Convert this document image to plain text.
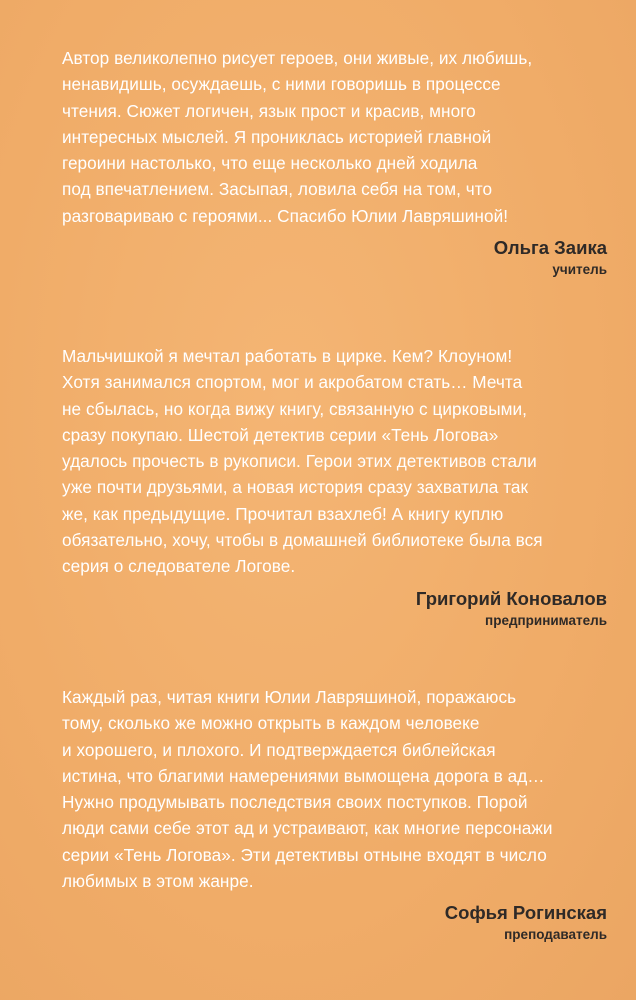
Автор великолепно рисует героев, они живые, их любишь,
ненавидишь, осуждаешь, с ними говоришь в процессе
чтения. Сюжет логичен, язык прост и красив, много
интересных мыслей. Я прониклась историей главной
героини настолько, что еще несколько дней ходила
под впечатлением. Засыпая, ловила себя на том, что
разговариваю с героями... Спасибо Юлии Лавряшиной!
Ольга Заика
учитель
Мальчишкой я мечтал работать в цирке. Кем? Клоуном!
Хотя занимался спортом, мог и акробатом стать… Мечта
не сбылась, но когда вижу книгу, связанную с цирковыми,
сразу покупаю. Шестой детектив серии «Тень Логова»
удалось прочесть в рукописи. Герои этих детективов стали
уже почти друзьями, а новая история сразу захватила так
же, как предыдущие. Прочитал взахлеб! А книгу куплю
обязательно, хочу, чтобы в домашней библиотеке была вся
серия о следователе Логове.
Григорий Коновалов
предприниматель
Каждый раз, читая книги Юлии Лавряшиной, поражаюсь
тому, сколько же можно открыть в каждом человеке
и хорошего, и плохого. И подтверждается библейская
истина, что благими намерениями вымощена дорога в ад…
Нужно продумывать последствия своих поступков. Порой
люди сами себе этот ад и устраивают, как многие персонажи
серии «Тень Логова». Эти детективы отныне входят в число
любимых в этом жанре.
Софья Рогинская
преподаватель
